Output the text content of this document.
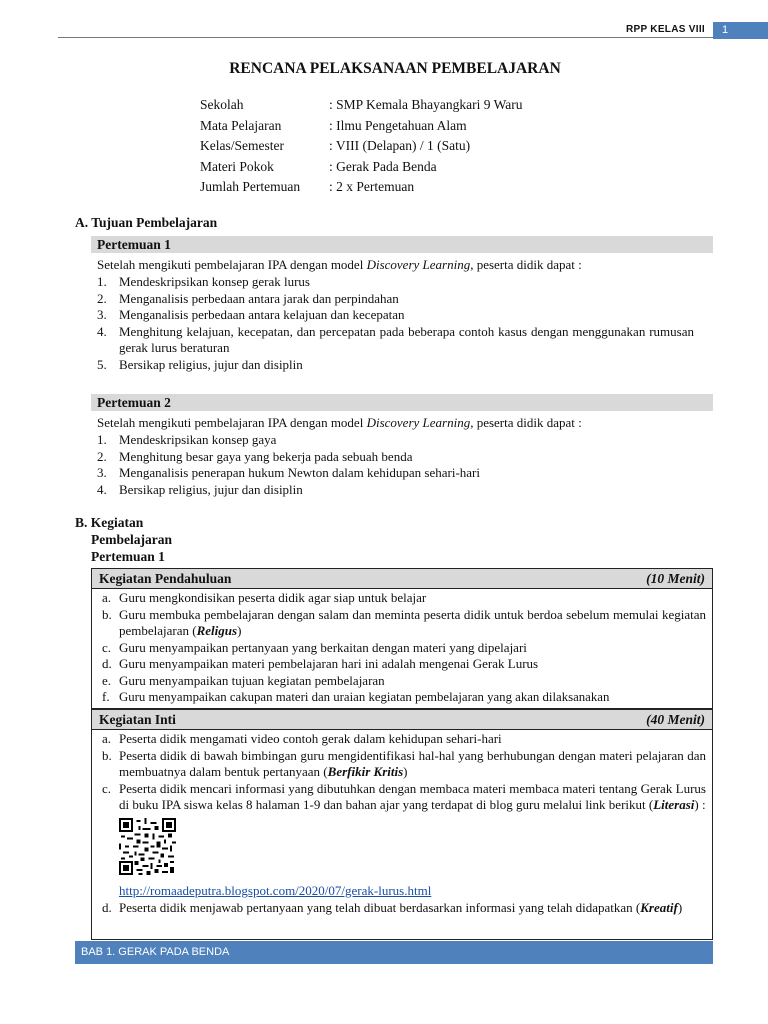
RPP KELAS VIII	1
RENCANA PELAKSANAAN PEMBELAJARAN
Sekolah	: SMP Kemala Bhayangkari 9 Waru
Mata Pelajaran	: Ilmu Pengetahuan Alam
Kelas/Semester	: VIII (Delapan) / 1 (Satu)
Materi Pokok	: Gerak Pada Benda
Jumlah Pertemuan	: 2 x Pertemuan
A. Tujuan Pembelajaran
Pertemuan 1
Setelah mengikuti pembelajaran IPA dengan model Discovery Learning, peserta didik dapat :
1. Mendeskripsikan konsep gerak lurus
2. Menganalisis perbedaan antara jarak dan perpindahan
3. Menganalisis perbedaan antara kelajuan dan kecepatan
4. Menghitung kelajuan, kecepatan, dan percepatan pada beberapa contoh kasus dengan menggunakan rumusan gerak lurus beraturan
5. Bersikap religius, jujur dan disiplin
Pertemuan 2
Setelah mengikuti pembelajaran IPA dengan model Discovery Learning, peserta didik dapat :
1. Mendeskripsikan konsep gaya
2. Menghitung besar gaya yang bekerja pada sebuah benda
3. Menganalisis penerapan hukum Newton dalam kehidupan sehari-hari
4. Bersikap religius, jujur dan disiplin
B. Kegiatan
Pembelajaran
Pertemuan 1
Kegiatan Pendahuluan	(10 Menit)
a. Guru mengkondisikan peserta didik agar siap untuk belajar
b. Guru membuka pembelajaran dengan salam dan meminta peserta didik untuk berdoa sebelum memulai kegiatan pembelajaran (Religus)
c. Guru menyampaikan pertanyaan yang berkaitan dengan materi yang dipelajari
d. Guru menyampaikan materi pembelajaran hari ini adalah mengenai Gerak Lurus
e. Guru menyampaikan tujuan kegiatan pembelajaran
f. Guru menyampaikan cakupan materi dan uraian kegiatan pembelajaran yang akan dilaksanakan
Kegiatan Inti	(40 Menit)
a. Peserta didik mengamati video contoh gerak dalam kehidupan sehari-hari
b. Peserta didik di bawah bimbingan guru mengidentifikasi hal-hal yang berhubungan dengan materi pelajaran dan membuatnya dalam bentuk pertanyaan (Berfikir Kritis)
c. Peserta didik mencari informasi yang dibutuhkan dengan membaca materi membaca materi tentang Gerak Lurus di buku IPA siswa kelas 8 halaman 1-9 dan bahan ajar yang terdapat di blog guru melalui link berikut (Literasi) :
http://romaadeputra.blogspot.com/2020/07/gerak-lurus.html
d. Peserta didik menjawab pertanyaan yang telah dibuat berdasarkan informasi yang telah didapatkan (Kreatif)
BAB 1. GERAK PADA BENDA
